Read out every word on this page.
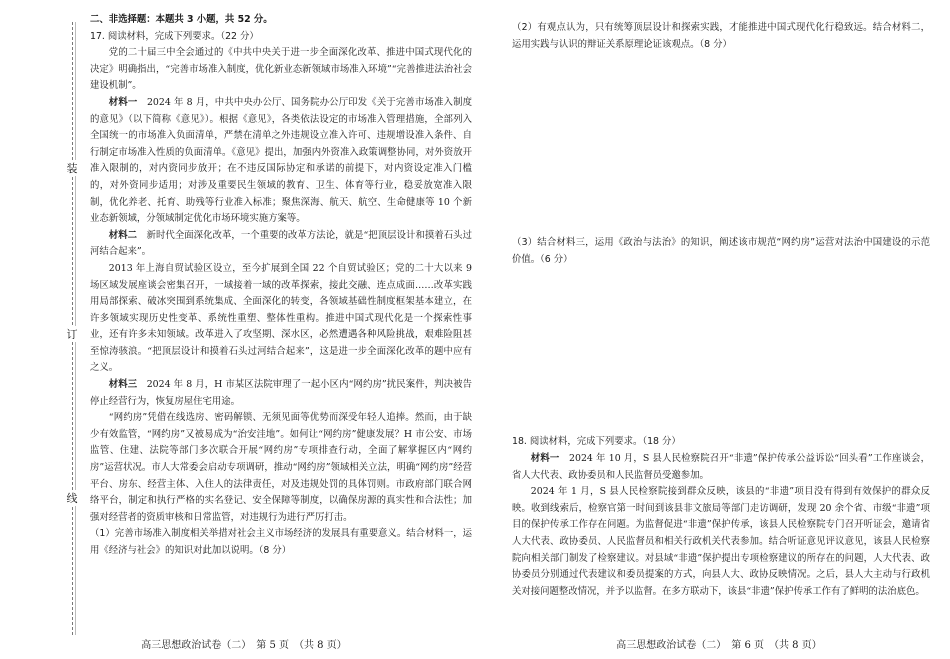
装
订
线

二、非选择题：本题共 3 小题，共 52 分。

17. 阅读材料，完成下列要求。（22 分）

党的二十届三中全会通过的《中共中央关于进一步全面深化改革、推进中国式现代化的决定》明确指出，“完善市场准入制度，优化新业态新领域市场准入环境”“完善推进法治社会建设机制”。

材料一　 2024 年 8 月，中共中央办公厅、国务院办公厅印发《关于完善市场准入制度的意见》（以下简称《意见》）。根据《意见》，各类依法设定的市场准入管理措施，全部列入全国统一的市场准入负面清单，严禁在清单之外违规设立准入许可、违规增设准入条件、自行制定市场准入性质的负面清单。《意见》提出，加强内外资准入政策调整协同，对外资放开准入限制的，对内资同步放开；在不违反国际协定和承诺的前提下，对内资设定准入门槛的，对外资同步适用；对涉及重要民生领域的教育、卫生、体育等行业，稳妥放宽准入限制，优化养老、托育、助残等行业准入标准；聚焦深海、航天、航空、生命健康等 10 个新业态新领域，分领域制定优化市场环境实施方案等。

材料二　 新时代全面深化改革，一个重要的改革方法论，就是“把顶层设计和摸着石头过河结合起来”。

2013 年上海自贸试验区设立，至今扩展到全国 22 个自贸试验区；党的二十大以来 9 场区域发展座谈会密集召开，一域接着一域的改革探索，接此交融、连点成面……改革实践用局部探索、破冰突围到系统集成、全面深化的转变，各领域基础性制度框架基本建立，在许多领域实现历史性变革、系统性重塑、整体性重构。推进中国式现代化是一个探索性事业，还有许多未知领域。改革进入了攻坚期、深水区，必然遭遇各种风险挑战，艰难险阻甚至惊涛骇浪。“把顶层设计和摸着石头过河结合起来”，这是进一步全面深化改革的题中应有之义。

材料三　 2024 年 8 月，H 市某区法院审理了一起小区内“网约房”扰民案件，判决被告停止经营行为，恢复房屋住宅用途。

“网约房”凭借在线选房、密码解锁、无须见面等优势而深受年轻人追捧。然而，由于缺少有效监管，“网约房”又被易成为“治安洼地”。如何让“网约房”健康发展？H 市公安、市场监管、住建、法院等部门多次联合开展“网约房”专项排查行动，全面了解掌握区内“网约房”运营状况。市人大常委会启动专项调研，推动“网约房”领域相关立法，明确“网约房”经营平台、房东、经营主体、入住人的法律责任，对及违规处罚的具体罚则。市政府部门联合网络平台，制定和执行严格的实名登记、安全保障等制度，以确保房源的真实性和合法性；加强对经营者的资质审核和日常监管，对违规行为进行严厉打击。

（1）完善市场准入制度相关举措对社会主义市场经济的发展具有重要意义。结合材料一，运用《经济与社会》的知识对此加以说明。（8 分）

高三思想政治试卷（二）　第 5 页　（共 8 页）

（2）有观点认为，只有统筹顶层设计和探索实践，才能推进中国式现代化行稳致远。结合材料二，运用实践与认识的辩证关系原理论证该观点。（8 分）

（3）结合材料三，运用《政治与法治》的知识，阐述该市规范“网约房”运营对法治中国建设的示范价值。（6 分）

18. 阅读材料，完成下列要求。（18 分）

材料一　 2024 年 10 月，S 县人民检察院召开“非遗”保护传承公益诉讼“回头看”工作座谈会，省人大代表、政协委员和人民监督员受邀参加。

2024 年 1 月，S 县人民检察院接到群众反映，该县的“非遗”项目没有得到有效保护的群众反映。收到线索后，检察官第一时间到该县非文旅局等部门走访调研，发现 20 余个省、市级“非遗”项目的保护传承工作存在问题。为监督促进“非遗”保护传承，该县人民检察院专门召开听证会，邀请省人大代表、政协委员、人民监督员和相关行政机关代表参加。结合听证意见评议意见，该县人民检察院向相关部门制发了检察建议。对县域“非遗”保护提出专项检察建议的所存在的问题，人大代表、政协委员分别通过代表建议和委员提案的方式，向县人大、政协反映情况。之后，县人大主动与行政机关对接问题整改情况，并予以监督。在多方联动下，该县“非遗”保护传承工作有了鲜明的法治底色。

高三思想政治试卷（二）　第 6 页　（共 8 页）
